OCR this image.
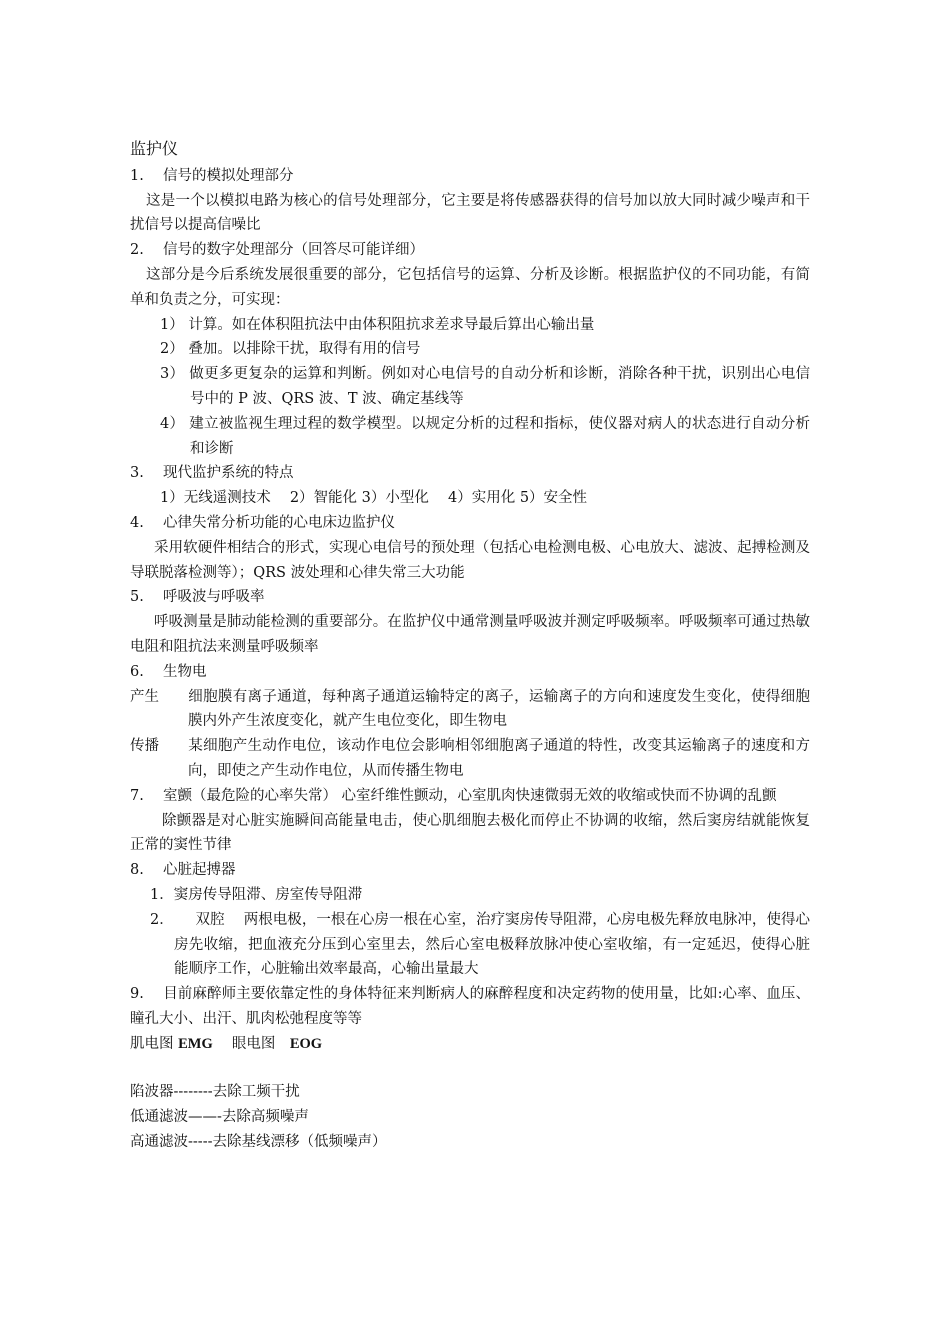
监护仪
1.　 信号的模拟处理部分
这是一个以模拟电路为核心的信号处理部分，它主要是将传感器获得的信号加以放大同时减少噪声和干扰信号以提高信噪比
2.　 信号的数字处理部分（回答尽可能详细）
这部分是今后系统发展很重要的部分，它包括信号的运算、分析及诊断。根据监护仪的不同功能，有简单和负责之分，可实现：
1） 计算。如在体积阻抗法中由体积阻抗求差求导最后算出心输出量
2） 叠加。以排除干扰，取得有用的信号
3） 做更多更复杂的运算和判断。例如对心电信号的自动分析和诊断，消除各种干扰，识别出心电信号中的 P 波、QRS 波、T 波、确定基线等
4） 建立被监视生理过程的数学模型。以规定分析的过程和指标，使仪器对病人的状态进行自动分析和诊断
3.　 现代监护系统的特点
1）无线遥测技术　 2）智能化 3）小型化　 4）实用化 5）安全性
4.　 心律失常分析功能的心电床边监护仪
采用软硬件相结合的形式，实现心电信号的预处理（包括心电检测电极、心电放大、滤波、起搏检测及导联脱落检测等）；QRS 波处理和心律失常三大功能
5.　 呼吸波与呼吸率
呼吸测量是肺动能检测的重要部分。在监护仪中通常测量呼吸波并测定呼吸频率。呼吸频率可通过热敏电阻和阻抗法来测量呼吸频率
6.　 生物电
产生 细胞膜有离子通道，每种离子通道运输特定的离子，运输离子的方向和速度发生变化，使得细胞膜内外产生浓度变化，就产生电位变化，即生物电
传播 某细胞产生动作电位，该动作电位会影响相邻细胞离子通道的特性，改变其运输离子的速度和方向，即使之产生动作电位，从而传播生物电
7.　 室颤（最危险的心率失常） 心室纤维性颤动，心室肌肉快速微弱无效的收缩或快而不协调的乱颤
除颤器是对心脏实施瞬间高能量电击，使心肌细胞去极化而停止不协调的收缩，然后窦房结就能恢复正常的窦性节律
8.　 心脏起搏器
1．窦房传导阻滞、房室传导阻滞
2．　　双腔　 两根电极，一根在心房一根在心室，治疗窦房传导阻滞，心房电极先释放电脉冲，使得心房先收缩，把血液充分压到心室里去，然后心室电极释放脉冲使心室收缩，有一定延迟，使得心脏能顺序工作，心脏输出效率最高，心输出量最大
9.　 目前麻醉师主要依靠定性的身体特征来判断病人的麻醉程度和决定药物的使用量，比如:心率、血压、瞳孔大小、出汗、肌肉松弛程度等等
肌电图 EMG　 眼电图　EOG
陷波器--------去除工频干扰
低通滤波——-去除高频噪声
高通滤波-----去除基线漂移（低频噪声）
